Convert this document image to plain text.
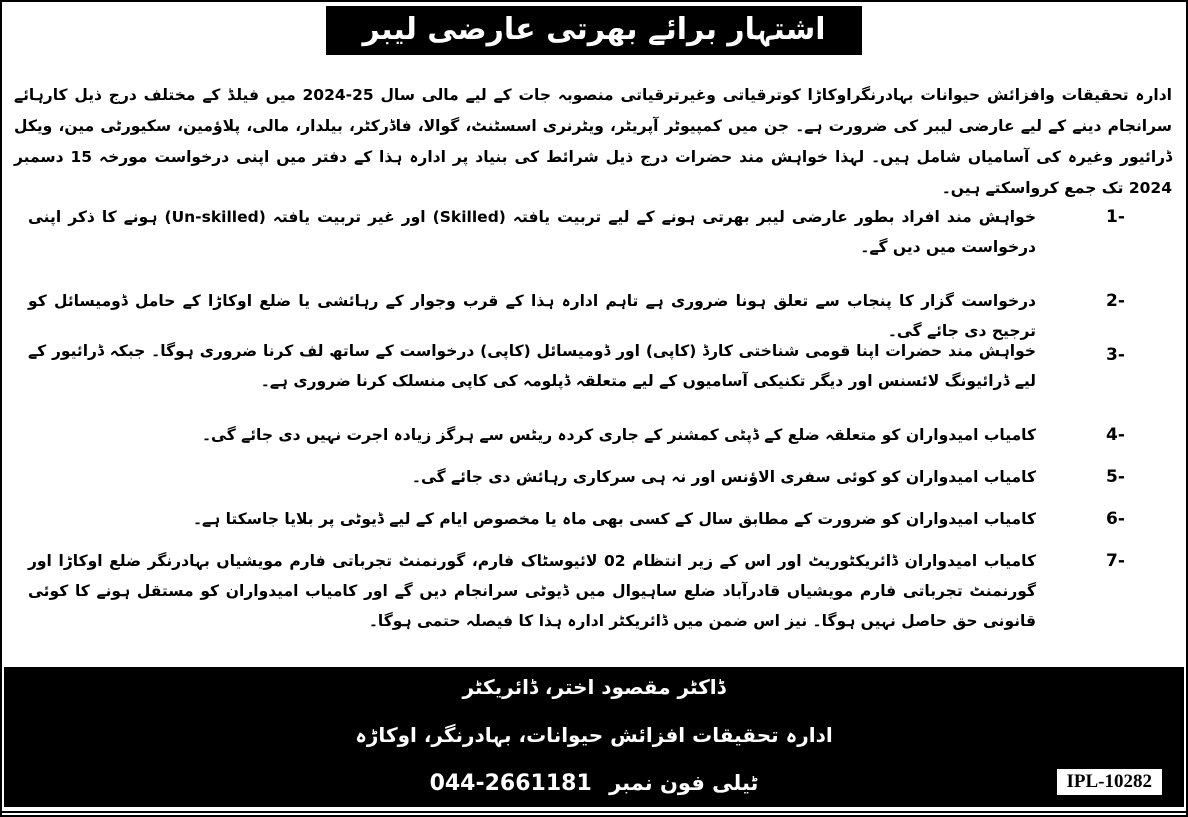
اشتہار برائے بھرتی عارضی لیبر
ادارہ تحقیقات وافزائش حیوانات بہادرنگراوکاڑا کوترقیاتی وغیرترقیاتی منصوبہ جات کے لیے مالی سال 25-2024 میں فیلڈ کے مختلف درج ذیل کارہائے سرانجام دینے کے لیے عارضی لیبر کی ضرورت ہے۔ جن میں کمپیوٹر آپریٹر، ویٹرنری اسسٹنٹ، گوالا، فاڈرکٹر، بیلدار، مالی، پلاؤمین، سکیورٹی مین، ویکل ڈرائیور وغیرہ کی آسامیاں شامل ہیں۔ لہذا خواہش مند حضرات درج ذیل شرائط کی بنیاد پر ادارہ ہذا کے دفتر میں اپنی درخواست مورخہ 15 دسمبر 2024 تک جمع کرواسکتے ہیں۔
1-
خواہش مند افراد بطور عارضی لیبر بھرتی ہونے کے لیے تربیت یافتہ (Skilled) اور غیر تربیت یافتہ (Un-skilled) ہونے کا ذکر اپنی درخواست میں دیں گے۔
2-
درخواست گزار کا پنجاب سے تعلق ہونا ضروری ہے تاہم ادارہ ہذا کے قرب وجوار کے رہائشی یا ضلع اوکاڑا کے حامل ڈومیسائل کو ترجیح دی جائے گی۔
3-
خواہش مند حضرات اپنا قومی شناختی کارڈ (کاپی) اور ڈومیسائل (کاپی) درخواست کے ساتھ لف کرنا ضروری ہوگا۔ جبکہ ڈرائیور کے لیے ڈرائیونگ لائسنس اور دیگر تکنیکی آسامیوں کے لیے متعلقہ ڈپلومہ کی کاپی منسلک کرنا ضروری ہے۔
4-
کامیاب امیدواران کو متعلقہ ضلع کے ڈپٹی کمشنر کے جاری کردہ ریٹس سے ہرگز زیادہ اجرت نہیں دی جائے گی۔
5-
کامیاب امیدواران کو کوئی سفری الاؤنس اور نہ ہی سرکاری رہائش دی جائے گی۔
6-
کامیاب امیدواران کو ضرورت کے مطابق سال کے کسی بھی ماہ یا مخصوص ایام کے لیے ڈیوٹی پر بلایا جاسکتا ہے۔
7-
کامیاب امیدواران ڈائریکٹوریٹ اور اس کے زیر انتظام 02 لائیوسٹاک فارم، گورنمنٹ تجرباتی فارم مویشیاں بہادرنگر ضلع اوکاڑا اور گورنمنٹ تجرباتی فارم مویشیاں قادرآباد ضلع ساہیوال میں ڈیوٹی سرانجام دیں گے اور کامیاب امیدواران کو مستقل ہونے کا کوئی قانونی حق حاصل نہیں ہوگا۔ نیز اس ضمن میں ڈائریکٹر ادارہ ہذا کا فیصلہ حتمی ہوگا۔
ڈاکٹر مقصود اختر، ڈائریکٹر
ادارہ تحقیقات افزائش حیوانات، بہادرنگر، اوکاڑہ
ٹیلی فون نمبر 044-2661181	IPL-10282
